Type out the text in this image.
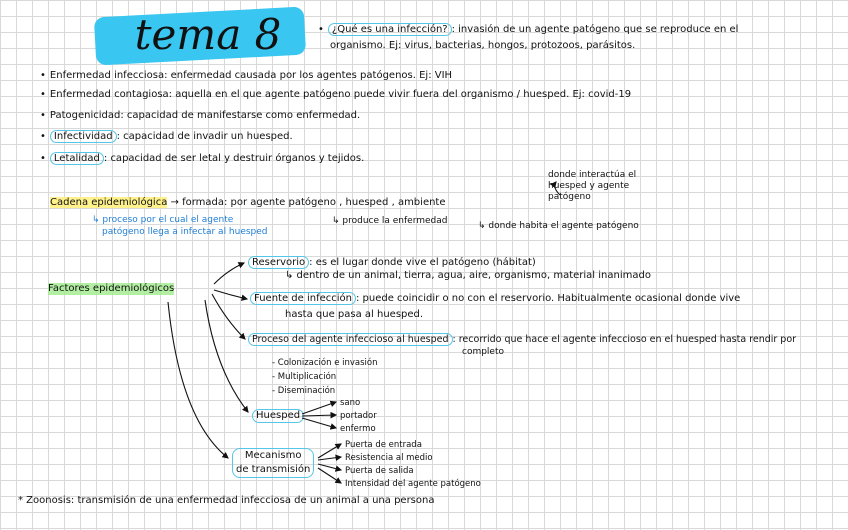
tema 8
•	¿Qué es una infección? : invasión de un agente patógeno que se reproduce en el
organismo. Ej: virus, bacterias, hongos, protozoos, parásitos.
• Enfermedad infecciosa: enfermedad causada por los agentes patógenos. Ej: VIH
• Enfermedad contagiosa: aquella en el que agente patógeno puede vivir fuera del organismo / huesped. Ej: covid-19
• Patogenicidad: capacidad de manifestarse como enfermedad.
• Infectividad : capacidad de invadir un huesped.
• Letalidad : capacidad de ser letal y destruir órganos y tejidos.
donde interactúa el huesped y agente patógeno
Cadena epidemiológica → formada: por agente patógeno , huesped , ambiente
↳ proceso por el cual el agente
patógeno llega a infectar al huesped
↳ produce la enfermedad	↳ donde habita el agente patógeno
Factores epidemiológicos
Reservorio : es el lugar donde vive el patógeno (hábitat)
↳ dentro de un animal, tierra, agua, aire, organismo, material inanimado
Fuente de infección : puede coincidir o no con el reservorio. Habitualmente ocasional donde vive
hasta que pasa al huesped.
Proceso del agente infeccioso al huesped : recorrido que hace el agente infeccioso en el huesped hasta rendir por
completo
- Colonización e invasión
- Multiplicación
- Diseminación
Huesped
sano
portador
enfermo
Mecanismo
de transmisión
Puerta de entrada
Resistencia al medio
Puerta de salida
Intensidad del agente patógeno
* Zoonosis: transmisión de una enfermedad infecciosa de un animal a una persona
